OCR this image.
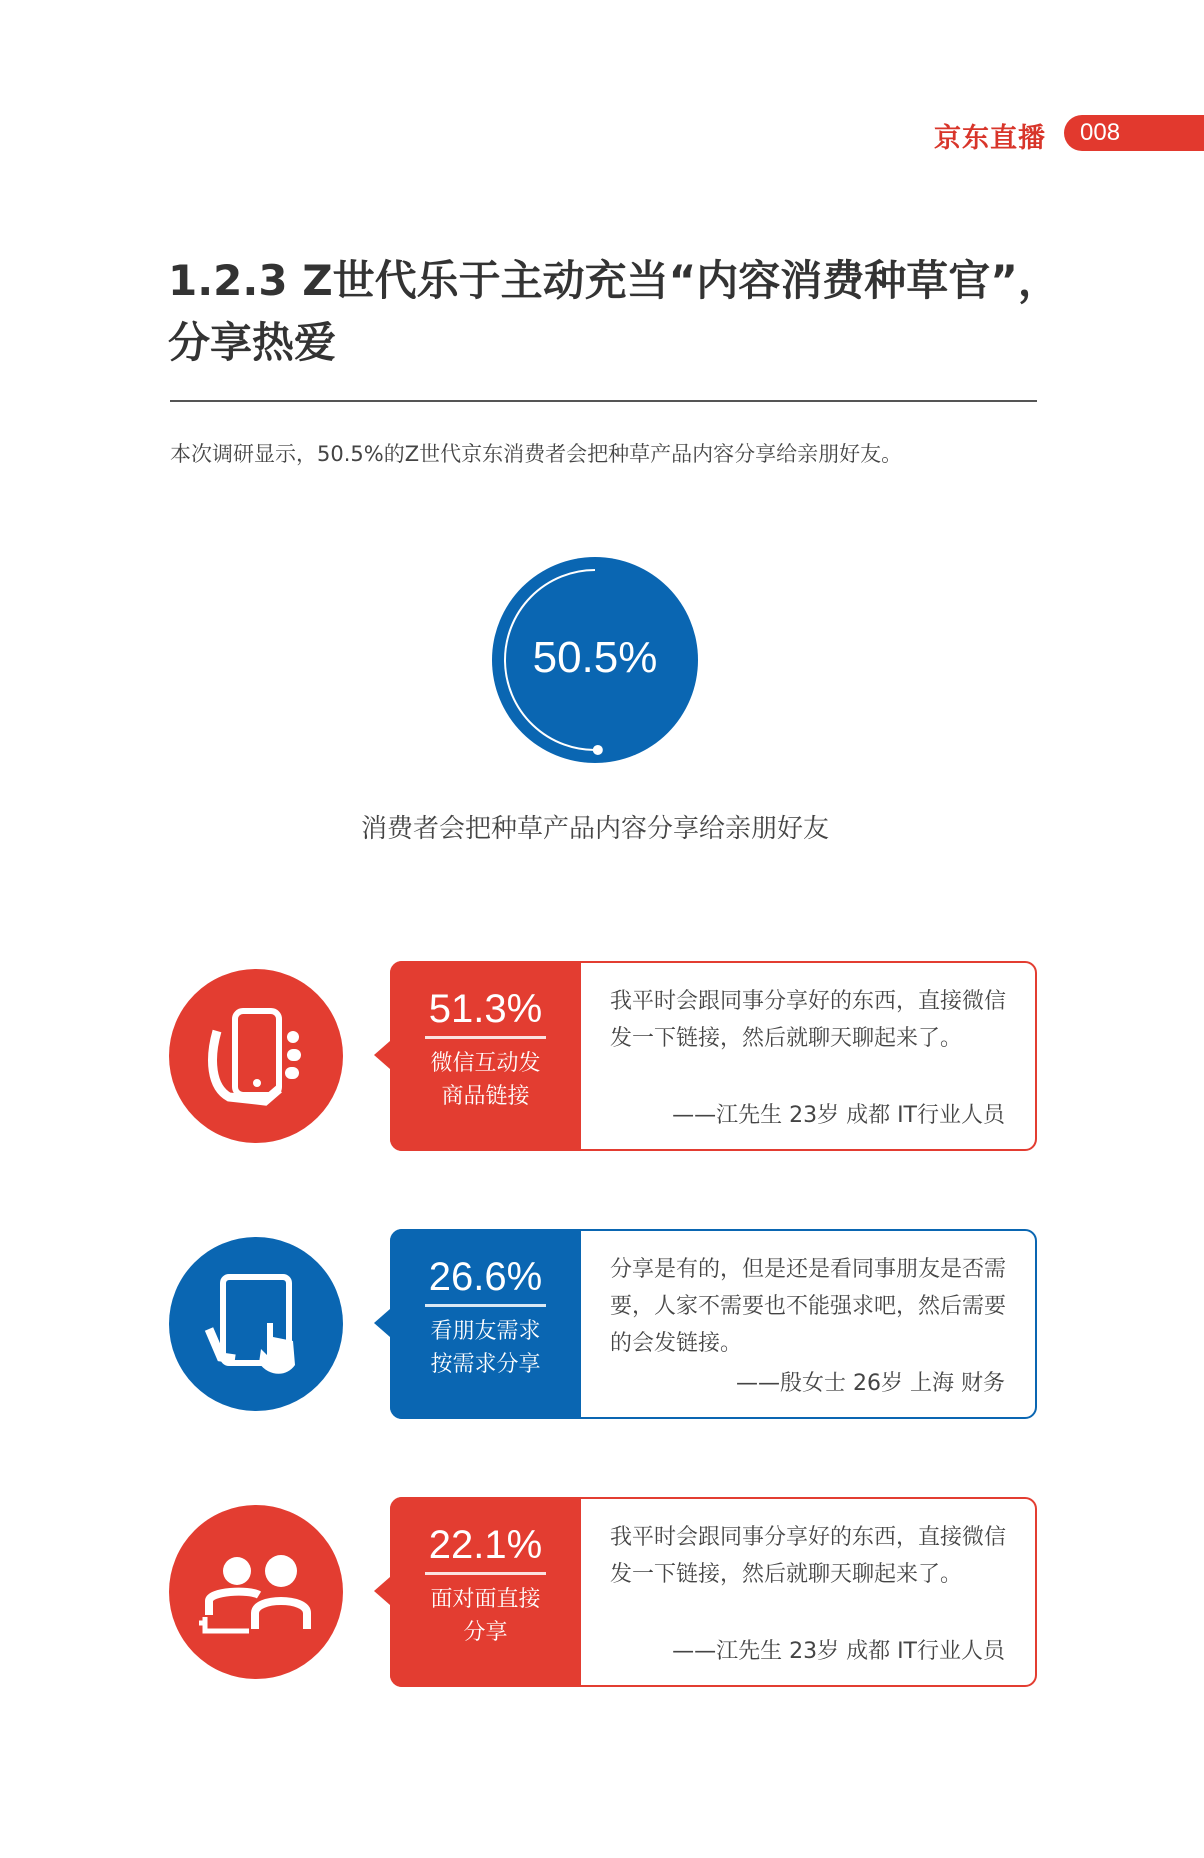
京东直播	008
1.2.3 Z世代乐于主动充当“内容消费种草官”，
分享热爱
本次调研显示，50.5%的Z世代京东消费者会把种草产品内容分享给亲朋好友。
50.5%
消费者会把种草产品内容分享给亲朋好友
51.3%
微信互动发
商品链接
我平时会跟同事分享好的东西，直接微信发一下链接，然后就聊天聊起来了。
——江先生 23岁 成都 IT行业人员
26.6%
看朋友需求
按需求分享
分享是有的，但是还是看同事朋友是否需要，人家不需要也不能强求吧，然后需要的会发链接。
——殷女士 26岁 上海 财务
22.1%
面对面直接
分享
我平时会跟同事分享好的东西，直接微信发一下链接，然后就聊天聊起来了。
——江先生 23岁 成都 IT行业人员
